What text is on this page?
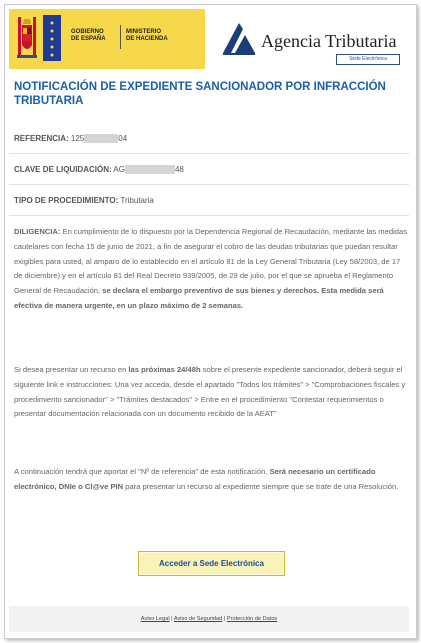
GOBIERNO
DE ESPAÑA
MINISTERIO
DE HACIENDA	Agencia Tributaria
Sede Electrónica
NOTIFICACIÓN DE EXPEDIENTE SANCIONADOR POR INFRACCIÓN TRIBUTARIA
REFERENCIA: 125	04
CLAVE DE LIQUIDACIÓN: AG	48
TIPO DE PROCEDIMIENTO: Tributaria
DILIGENCIA: En cumplimiento de lo dispuesto por la Dependencia Regional de Recaudación, mediante las medidas cautelares con fecha 15 de junio de 2021, a fin de asegurar el cobro de las deudas tributarias que puedan resultar exigibles para usted, al amparo de lo establecido en el artículo 81 de la Ley General Tributaria (Ley 58/2003, de 17 de diciembre) y en el artículo 81 del Real Decreto 939/2005, de 29 de julio, por el que se aprueba el Reglamento General de Recaudación, se declara el embargo preventivo de sus bienes y derechos. Esta medida será efectiva de manera urgente, en un plazo máximo de 2 semanas.
Si desea presentar un recurso en las próximas 24/48h sobre el presente expediente sancionador, deberá seguir el siguiente link e instrucciones: Una vez acceda, desde el apartado "Todos los trámites" > "Comprobaciones fiscales y procedimiento sancionador" > "Trámites destacados" > Entre en el procedimiento "Contestar requerimientos o presentar documentación relacionada con un documento recibido de la AEAT"
A continuación tendrá que aportar el "Nº de referencia" de esta notificación. Será necesario un certificado electrónico, DNIe o Cl@ve PIN para presentar un recurso al expediente siempre que se trate de una Resolución.
Acceder a Sede Electrónica
Aviso Legal | Aviso de Seguridad | Protección de Datos
